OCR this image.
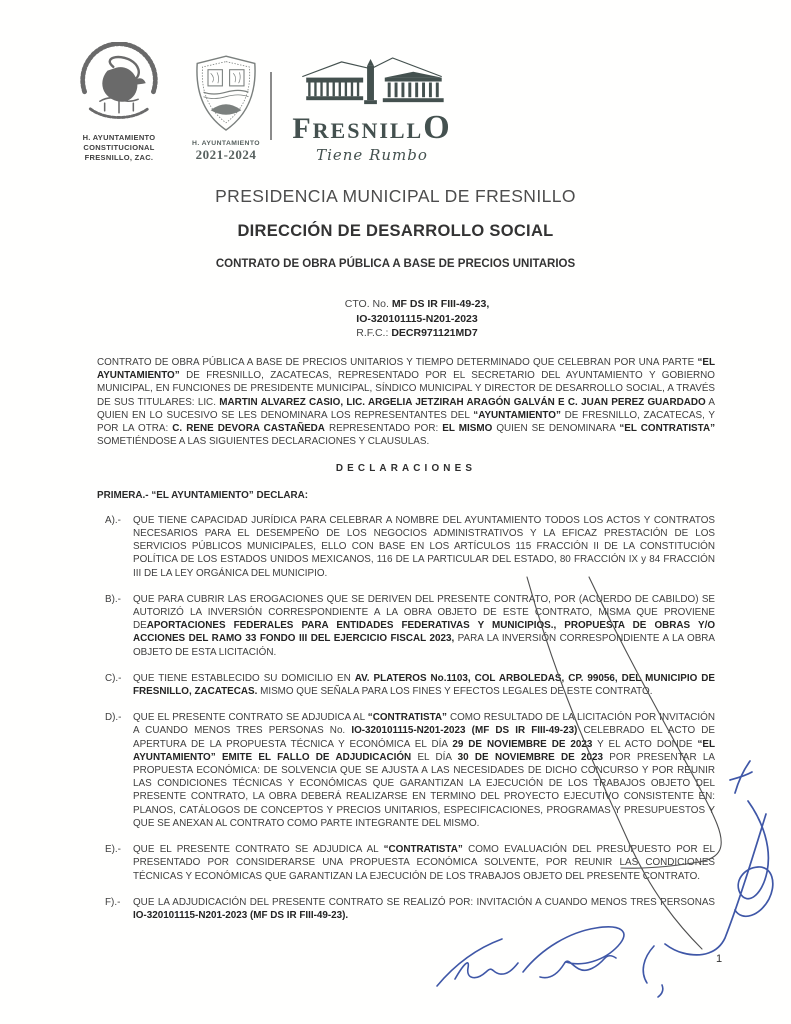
H. AYUNTAMIENTO
CONSTITUCIONAL
FRESNILLO, ZAC.
H. AYUNTAMIENTO
2021-2024
FRESNILLO
Tiene Rumbo
PRESIDENCIA MUNICIPAL DE FRESNILLO
DIRECCIÓN DE DESARROLLO SOCIAL
CONTRATO DE OBRA PÚBLICA A BASE DE PRECIOS UNITARIOS
CTO. No. MF DS IR FIII-49-23,
IO-320101115-N201-2023
R.F.C.: DECR971121MD7

CONTRATO DE OBRA PÚBLICA A BASE DE PRECIOS UNITARIOS Y TIEMPO DETERMINADO QUE CELEBRAN POR UNA PARTE “EL AYUNTAMIENTO” DE FRESNILLO, ZACATECAS, REPRESENTADO POR EL SECRETARIO DEL AYUNTAMIENTO Y GOBIERNO MUNICIPAL, EN FUNCIONES DE PRESIDENTE MUNICIPAL, SÍNDICO MUNICIPAL Y DIRECTOR DE DESARROLLO SOCIAL, A TRAVÉS DE SUS TITULARES: LIC. MARTIN ALVAREZ CASIO, LIC. ARGELIA JETZIRAH ARAGÓN GALVÁN E C. JUAN PEREZ GUARDADO A QUIEN EN LO SUCESIVO SE LES DENOMINARA LOS REPRESENTANTES DEL “AYUNTAMIENTO” DE FRESNILLO, ZACATECAS, Y POR LA OTRA: C. RENE DEVORA CASTAÑEDA REPRESENTADO POR: EL MISMO QUIEN SE DENOMINARA “EL CONTRATISTA” SOMETIÉNDOSE A LAS SIGUIENTES DECLARACIONES Y CLAUSULAS.

DECLARACIONES
PRIMERA.- “EL AYUNTAMIENTO” DECLARA:
A).-	QUE TIENE CAPACIDAD JURÍDICA PARA CELEBRAR A NOMBRE DEL AYUNTAMIENTO TODOS LOS ACTOS Y CONTRATOS NECESARIOS PARA EL DESEMPEÑO DE LOS NEGOCIOS ADMINISTRATIVOS Y LA EFICAZ PRESTACIÓN DE LOS SERVICIOS PÚBLICOS MUNICIPALES, ELLO CON BASE EN LOS ARTÍCULOS 115 FRACCIÓN II DE LA CONSTITUCIÓN POLÍTICA DE LOS ESTADOS UNIDOS MEXICANOS, 116 DE LA PARTICULAR DEL ESTADO, 80 FRACCIÓN IX y 84 FRACCIÓN III DE LA LEY ORGÁNICA DEL MUNICIPIO.
B).-	QUE PARA CUBRIR LAS EROGACIONES QUE SE DERIVEN DEL PRESENTE CONTRATO, POR (ACUERDO DE CABILDO) SE AUTORIZÓ LA INVERSIÓN CORRESPONDIENTE A LA OBRA OBJETO DE ESTE CONTRATO, MISMA QUE PROVIENE DEAPORTACIONES FEDERALES PARA ENTIDADES FEDERATIVAS Y MUNICIPIOS., PROPUESTA DE OBRAS Y/O ACCIONES DEL RAMO 33 FONDO III DEL EJERCICIO FISCAL 2023, PARA LA INVERSIÓN CORRESPONDIENTE A LA OBRA OBJETO DE ESTA LICITACIÓN.
C).-	QUE TIENE ESTABLECIDO SU DOMICILIO EN AV. PLATEROS No.1103, COL ARBOLEDAS, CP. 99056, DEL MUNICIPIO DE FRESNILLO, ZACATECAS. MISMO QUE SEÑALA PARA LOS FINES Y EFECTOS LEGALES DE ESTE CONTRATO.
D).-	QUE EL PRESENTE CONTRATO SE ADJUDICA AL “CONTRATISTA” COMO RESULTADO DE LA LICITACIÓN POR INVITACIÓN A CUANDO MENOS TRES PERSONAS No. IO-320101115-N201-2023 (MF DS IR FIII-49-23) CELEBRADO EL ACTO DE APERTURA DE LA PROPUESTA TÉCNICA Y ECONÓMICA EL DÍA 29 DE NOVIEMBRE DE 2023 Y EL ACTO DONDE “EL AYUNTAMIENTO” EMITE EL FALLO DE ADJUDICACIÓN EL DÍA 30 DE NOVIEMBRE DE 2023 POR PRESENTAR LA PROPUESTA ECONÓMICA: DE SOLVENCIA QUE SE AJUSTA A LAS NECESIDADES DE DICHO CONCURSO Y POR REUNIR LAS CONDICIONES TÉCNICAS Y ECONÓMICAS QUE GARANTIZAN LA EJECUCIÓN DE LOS TRABAJOS OBJETO DEL PRESENTE CONTRATO, LA OBRA DEBERÁ REALIZARSE EN TERMINO DEL PROYECTO EJECUTIVO CONSISTENTE EN: PLANOS, CATÁLOGOS DE CONCEPTOS Y PRECIOS UNITARIOS, ESPECIFICACIONES, PROGRAMAS Y PRESUPUESTOS Y QUE SE ANEXAN AL CONTRATO COMO PARTE INTEGRANTE DEL MISMO.
E).-	QUE EL PRESENTE CONTRATO SE ADJUDICA AL “CONTRATISTA” COMO EVALUACIÓN DEL PRESUPUESTO POR EL PRESENTADO POR CONSIDERARSE UNA PROPUESTA ECONÓMICA SOLVENTE, POR REUNIR LAS CONDICIONES TÉCNICAS Y ECONÓMICAS QUE GARANTIZAN LA EJECUCIÓN DE LOS TRABAJOS OBJETO DEL PRESENTE CONTRATO.
F).-	QUE LA ADJUDICACIÓN DEL PRESENTE CONTRATO SE REALIZÓ POR: INVITACIÓN A CUANDO MENOS TRES PERSONAS IO-320101115-N201-2023 (MF DS IR FIII-49-23).
1
